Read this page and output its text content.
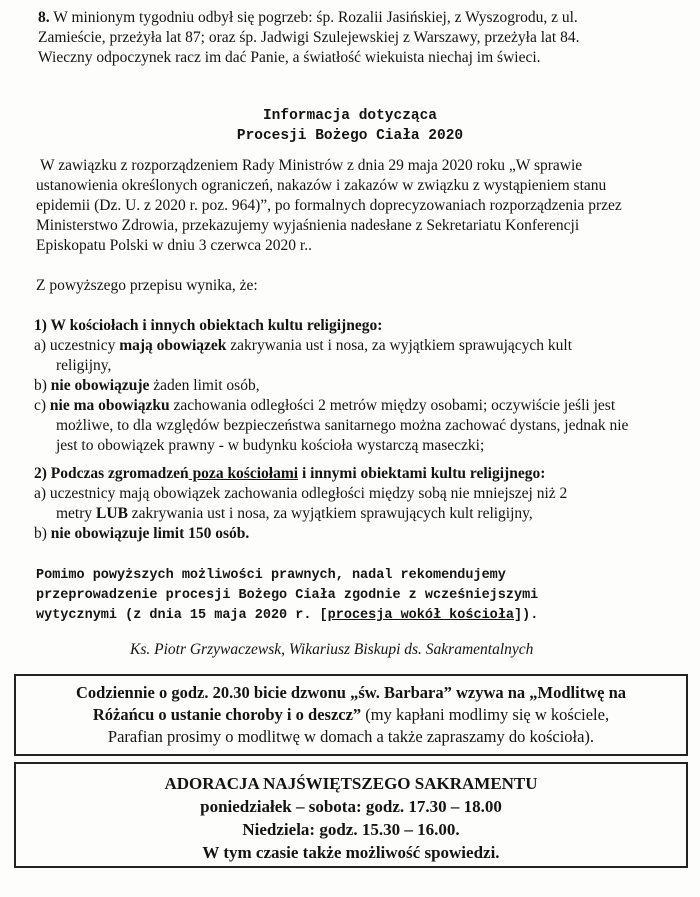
8. W minionym tygodniu odbył się pogrzeb: śp. Rozalii Jasińskiej, z Wyszogrodu, z ul.
Zamieście, przeżyła lat 87; oraz śp. Jadwigi Szulejewskiej z Warszawy, przeżyła lat 84.
Wieczny odpoczynek racz im dać Panie, a światłość wiekuista niechaj im świeci.
Informacja dotycząca
Procesji Bożego Ciała 2020
W zawiązku z rozporządzeniem Rady Ministrów z dnia 29 maja 2020 roku „W sprawie
ustanowienia określonych ograniczeń, nakazów i zakazów w związku z wystąpieniem stanu
epidemii (Dz. U. z 2020 r. poz. 964)”, po formalnych doprecyzowaniach rozporządzenia przez
Ministerstwo Zdrowia, przekazujemy wyjaśnienia nadesłane z Sekretariatu Konferencji
Episkopatu Polski w dniu 3 czerwca 2020 r..
Z powyższego przepisu wynika, że:
1) W kościołach i innych obiektach kultu religijnego:
a) uczestnicy mają obowiązek zakrywania ust i nosa, za wyjątkiem sprawujących kult
religijny,
b) nie obowiązuje żaden limit osób,
c) nie ma obowiązku zachowania odległości 2 metrów między osobami; oczywiście jeśli jest
możliwe, to dla względów bezpieczeństwa sanitarnego można zachować dystans, jednak nie
jest to obowiązek prawny - w budynku kościoła wystarczą maseczki;
2) Podczas zgromadzeń poza kościołami i innymi obiektami kultu religijnego:
a) uczestnicy mają obowiązek zachowania odległości między sobą nie mniejszej niż 2
metry LUB zakrywania ust i nosa, za wyjątkiem sprawujących kult religijny,
b) nie obowiązuje limit 150 osób.
Pomimo powyższych możliwości prawnych, nadal rekomendujemy
przeprowadzenie procesji Bożego Ciała zgodnie z wcześniejszymi
wytycznymi (z dnia 15 maja 2020 r. [procesja wokół kościoła]).
Ks. Piotr Grzywaczewsk, Wikariusz Biskupi ds. Sakramentalnych
Codziennie o godz. 20.30 bicie dzwonu „św. Barbara” wzywa na „Modlitwę na
Różańcu o ustanie choroby i o deszcz” (my kapłani modlimy się w kościele,
Parafian prosimy o modlitwę w domach a także zapraszamy do kościoła).
ADORACJA NAJŚWIĘTSZEGO SAKRAMENTU
poniedziałek – sobota: godz. 17.30 – 18.00
Niedziela: godz. 15.30 – 16.00.
W tym czasie także możliwość spowiedzi.
